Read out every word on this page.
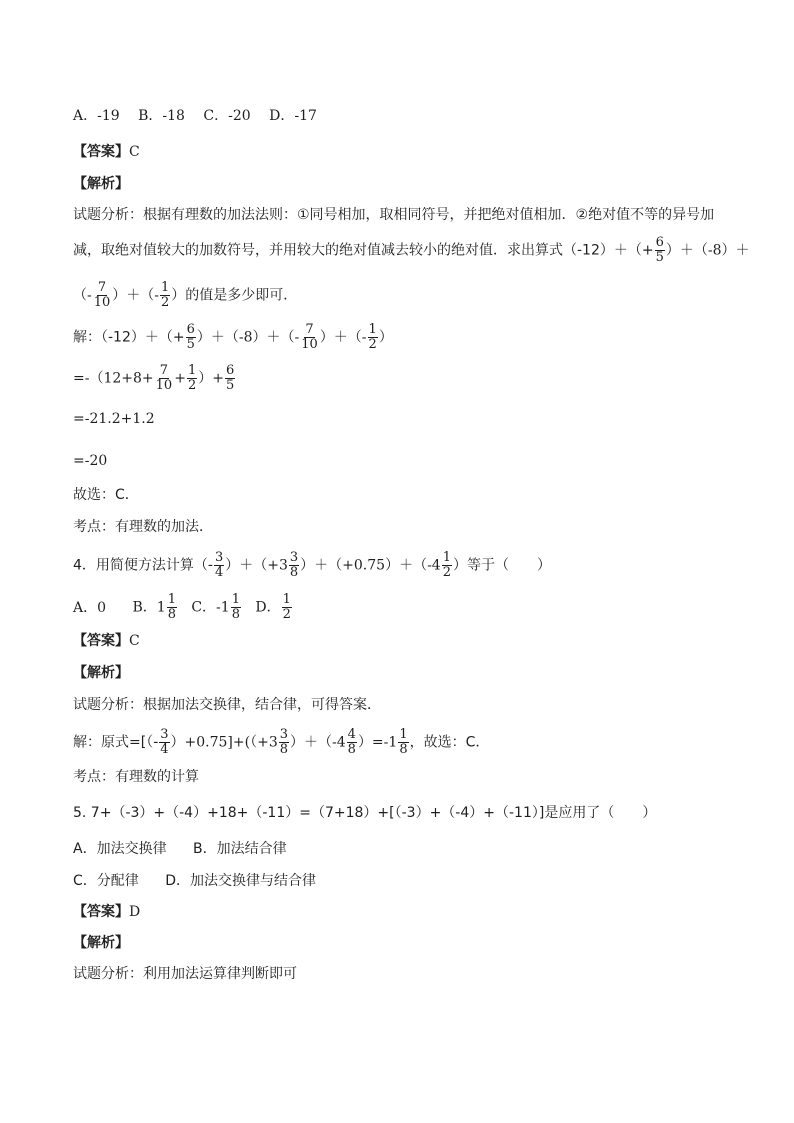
A．-19 B．-18 C．-20 D．-17
【答案】C
【解析】
试题分析：根据有理数的加法法则：①同号相加，取相同符号，并把绝对值相加．②绝对值不等的异号加
减，取绝对值较大的加数符号，并用较大的绝对值减去较小的绝对值．求出算式$(-12)+(+ \frac{6}{5} )+(-8)+$
（- $\frac{7}{10}$ ）＋（- $\frac{1}{2}$ ）的值是多少即可．
解：$(-12)+(+ \frac{6}{5} )+(-8)+(- \frac{7}{10}$ ）＋（- $\frac{1}{2}$ ）
$=-(12+8+ \frac{7}{10} + \frac{1}{2}$ ）+ $\frac{6}{5}$
=-21.2+1.2
=-20
故选：C．
考点：有理数的加法．
4．用简便方法计算（- $\frac{3}{4} )+(+3 \frac{3}{8} )+(+0.75)+(-4 \frac{1}{2}$ ）等于（　　）
A．0 B．$1 \frac{1}{8}$ C．$-1 \frac{1}{8}$ D． $\frac{1}{2}$
【答案】C
【解析】
试题分析：根据加法交换律，结合律，可得答案．
解：原式=[（- $\frac{3}{4} )+0.75]+((+3 \frac{3}{8} )+(-4 \frac{4}{8} )=-1 \frac{1}{8}$ ，故选：C．
考点：有理数的计算
5. 7+（-3）+（-4）+18+（-11）=（7+18）+[（-3）+（-4）+（-11）]是应用了（　　）
A．加法交换律 B．加法结合律
C．分配律 D．加法交换律与结合律
【答案】D
【解析】
试题分析：利用加法运算律判断即可
